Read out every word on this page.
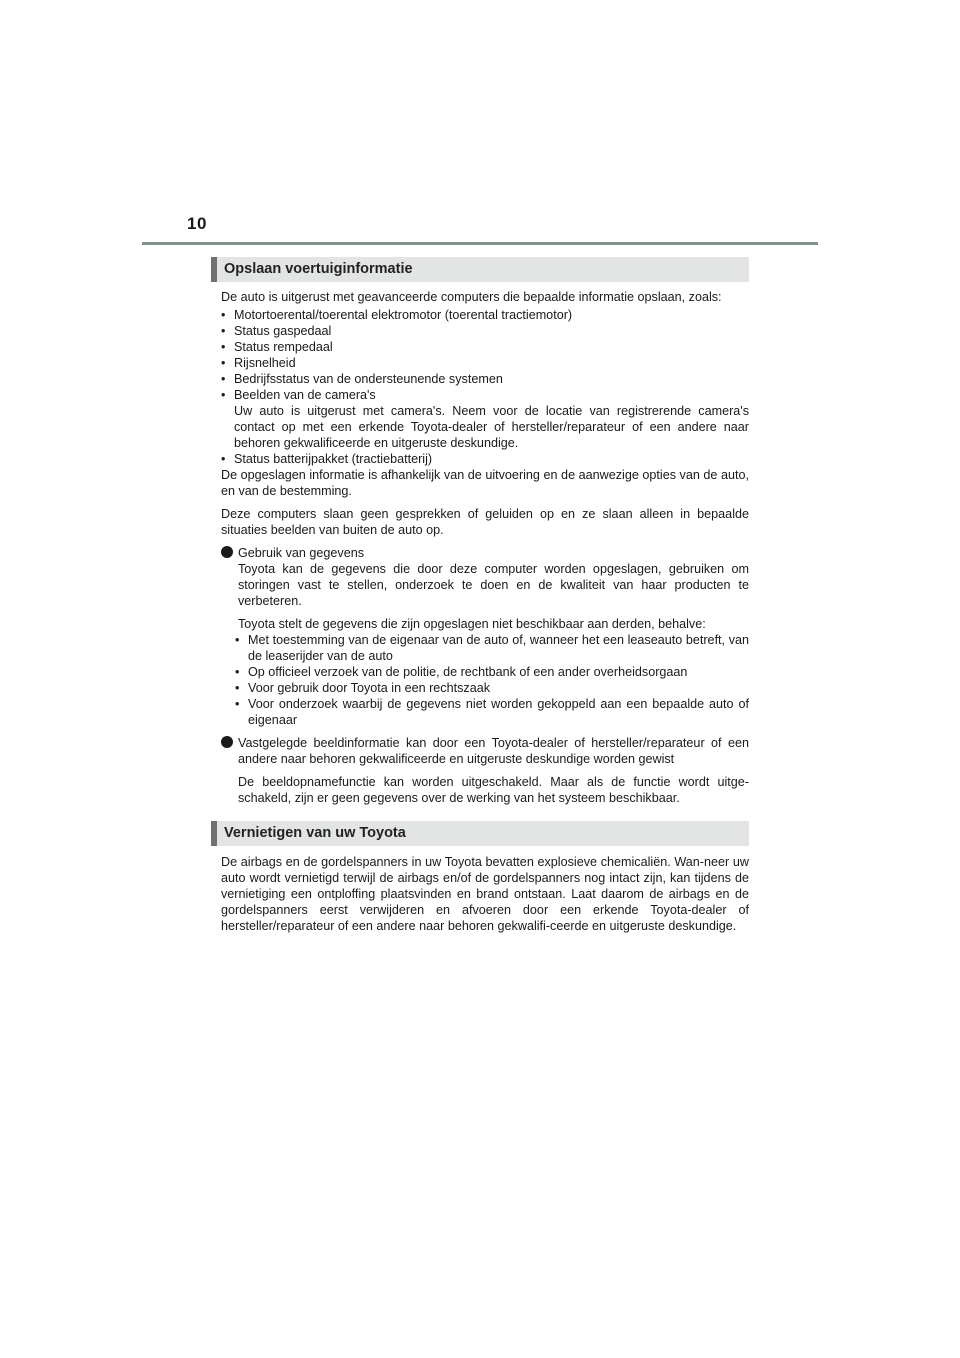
10
Opslaan voertuiginformatie

De auto is uitgerust met geavanceerde computers die bepaalde informatie opslaan, zoals:

• Motortoerental/toerental elektromotor (toerental tractiemotor)
• Status gaspedaal
• Status rempedaal
• Rijsnelheid
• Bedrijfsstatus van de ondersteunende systemen
• Beelden van de camera's
Uw auto is uitgerust met camera's. Neem voor de locatie van registrerende camera's contact op met een erkende Toyota-dealer of hersteller/reparateur of een andere naar behoren gekwalificeerde en uitgeruste deskundige.
• Status batterijpakket (tractiebatterij)

De opgeslagen informatie is afhankelijk van de uitvoering en de aanwezige opties van de auto, en van de bestemming.

Deze computers slaan geen gesprekken of geluiden op en ze slaan alleen in bepaalde situaties beelden van buiten de auto op.

Gebruik van gegevens

Toyota kan de gegevens die door deze computer worden opgeslagen, gebruiken om storingen vast te stellen, onderzoek te doen en de kwaliteit van haar producten te verbeteren.

Toyota stelt de gegevens die zijn opgeslagen niet beschikbaar aan derden, behalve:

• Met toestemming van de eigenaar van de auto of, wanneer het een leaseauto betreft, van de leaserijder van de auto
• Op officieel verzoek van de politie, de rechtbank of een ander overheidsorgaan
• Voor gebruik door Toyota in een rechtszaak
• Voor onderzoek waarbij de gegevens niet worden gekoppeld aan een bepaalde auto of eigenaar

Vastgelegde beeldinformatie kan door een Toyota-dealer of hersteller/reparateur of een andere naar behoren gekwalificeerde en uitgeruste deskundige worden gewist

De beeldopnamefunctie kan worden uitgeschakeld. Maar als de functie wordt uitge-schakeld, zijn er geen gegevens over de werking van het systeem beschikbaar.

Vernietigen van uw Toyota

De airbags en de gordelspanners in uw Toyota bevatten explosieve chemicaliën. Wan-neer uw auto wordt vernietigd terwijl de airbags en/of de gordelspanners nog intact zijn, kan tijdens de vernietiging een ontploffing plaatsvinden en brand ontstaan. Laat daarom de airbags en de gordelspanners eerst verwijderen en afvoeren door een erkende Toyota-dealer of hersteller/reparateur of een andere naar behoren gekwalifi-ceerde en uitgeruste deskundige.
